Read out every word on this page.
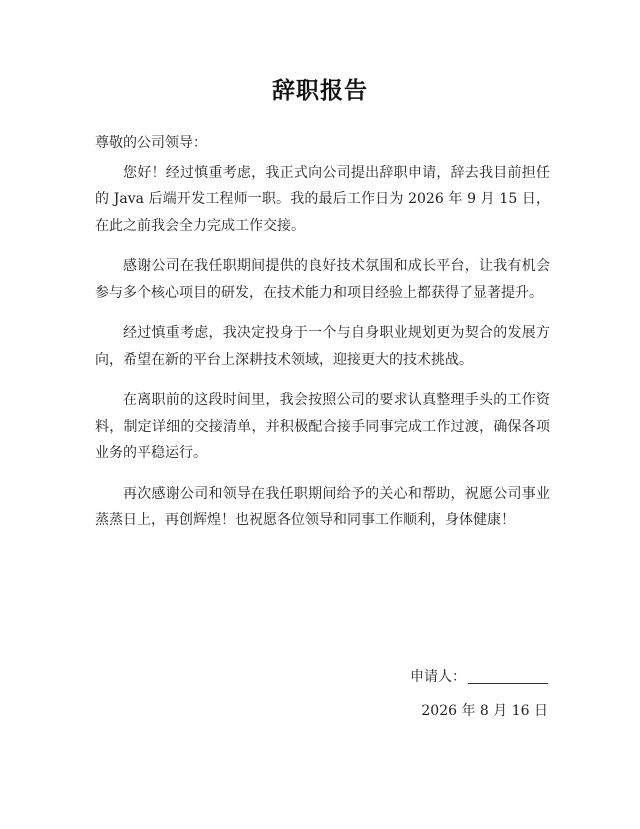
辞职报告

尊敬的公司领导：

您好！经过慎重考虑，我正式向公司提出辞职申请，辞去我目前担任的 Java 后端开发工程师一职。我的最后工作日为 2026 年 9 月 15 日，在此之前我会全力完成工作交接。

感谢公司在我任职期间提供的良好技术氛围和成长平台，让我有机会参与多个核心项目的研发，在技术能力和项目经验上都获得了显著提升。

经过慎重考虑，我决定投身于一个与自身职业规划更为契合的发展方向，希望在新的平台上深耕技术领域，迎接更大的技术挑战。

在离职前的这段时间里，我会按照公司的要求认真整理手头的工作资料，制定详细的交接清单，并积极配合接手同事完成工作过渡，确保各项业务的平稳运行。

再次感谢公司和领导在我任职期间给予的关心和帮助，祝愿公司事业蒸蒸日上，再创辉煌！也祝愿各位领导和同事工作顺利，身体健康！

申请人：
2026 年 8 月 16 日
